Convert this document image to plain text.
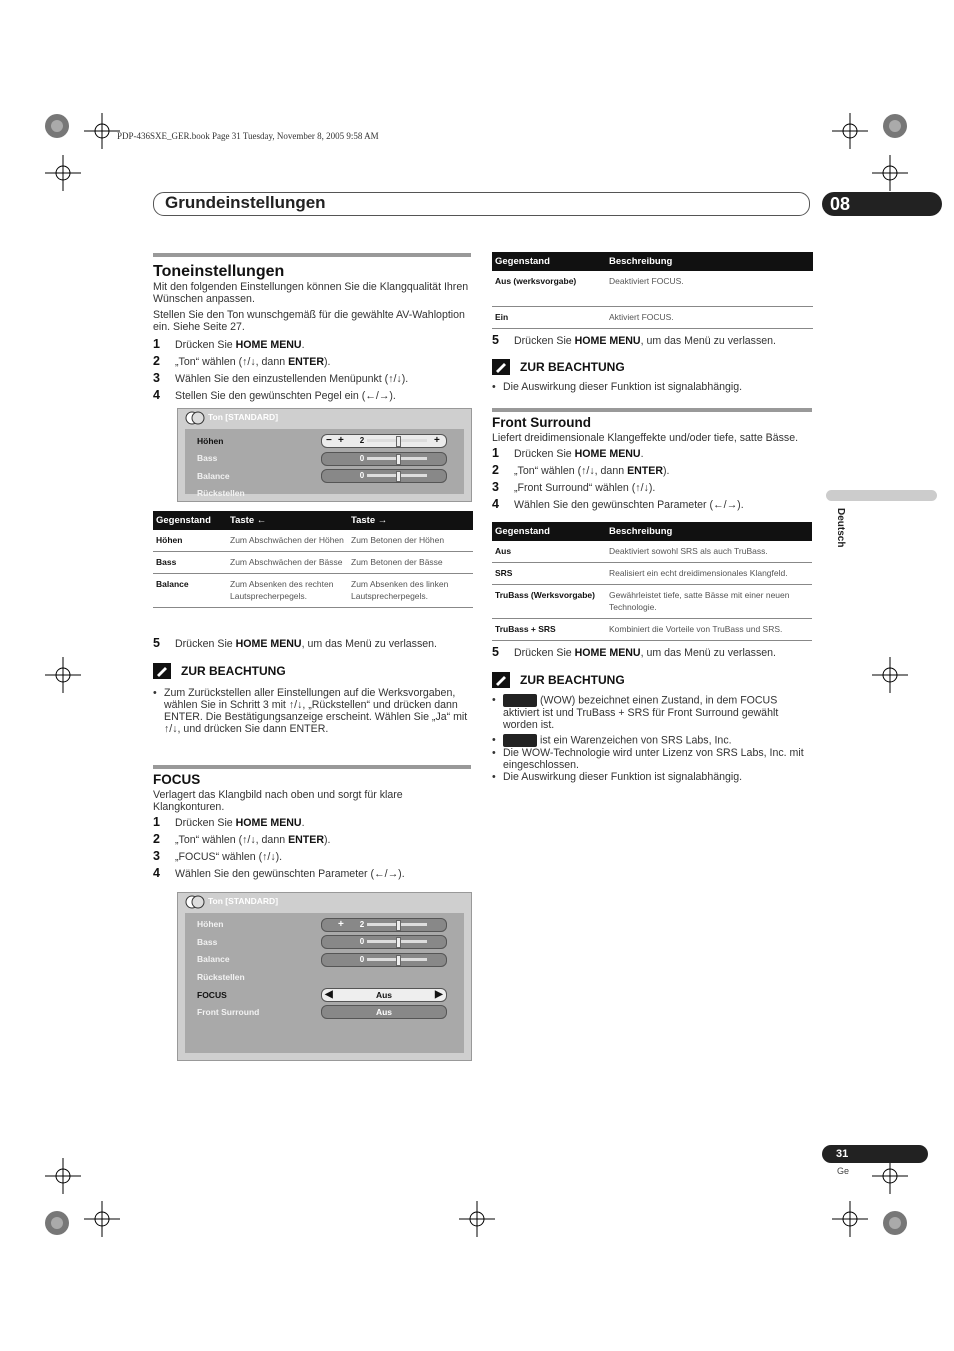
PDP-436SXE_GER.book Page 31 Tuesday, November 8, 2005 9:58 AM
Grundeinstellungen	08
Deutsch
31
Ge
Toneinstellungen

Mit den folgenden Einstellungen können Sie die Klangqualität Ihren Wünschen anpassen.

Stellen Sie den Ton wunschgemäß für die gewählte AV-Wahloption ein. Siehe Seite 27.

1 Drücken Sie HOME MENU.
2 „Ton“ wählen (↑/↓, dann ENTER).
3 Wählen Sie den einzustellenden Menüpunkt (↑/↓).
4 Stellen Sie den gewünschten Pegel ein (←/→).
Ton [STANDARD]
Höhen	− +	2	+
Bass	0
Balance	0
Rückstellen
Gegenstand	Taste ←	Taste →
Höhen	Zum Abschwächen der Höhen	Zum Betonen der Höhen
Bass	Zum Abschwächen der Bässe	Zum Betonen der Bässe
Balance	Zum Absenken des rechten Lautsprecherpegels.	Zum Absenken des linken Lautsprecherpegels.
5 Drücken Sie HOME MENU, um das Menü zu verlassen.
ZUR BEACHTUNG
• Zum Zurückstellen aller Einstellungen auf die Werksvorgaben, wählen Sie in Schritt 3 mit ↑/↓, „Rückstellen“ und drücken dann ENTER. Die Bestätigungsanzeige erscheint. Wählen Sie „Ja“ mit ↑/↓, und drücken Sie dann ENTER.
FOCUS

Verlagert das Klangbild nach oben und sorgt für klare Klangkonturen.

1 Drücken Sie HOME MENU.
2 „Ton“ wählen (↑/↓, dann ENTER).
3 „FOCUS“ wählen (↑/↓).
4 Wählen Sie den gewünschten Parameter (←/→).
Ton [STANDARD]
Höhen	+	2
Bass	0
Balance	0
Rückstellen
FOCUS	◀	Aus	▶
Front Surround	Aus
Gegenstand	Beschreibung
Aus (werksvorgabe)	Deaktiviert FOCUS.
Ein	Aktiviert FOCUS.
5 Drücken Sie HOME MENU, um das Menü zu verlassen.
ZUR BEACHTUNG
• Die Auswirkung dieser Funktion ist signalabhängig.
Front Surround

Liefert dreidimensionale Klangeffekte und/oder tiefe, satte Bässe.

1 Drücken Sie HOME MENU.
2 „Ton“ wählen (↑/↓, dann ENTER).
3 „Front Surround“ wählen (↑/↓).
4 Wählen Sie den gewünschten Parameter (←/→).
Gegenstand	Beschreibung
Aus	Deaktiviert sowohl SRS als auch TruBass.
SRS	Realisiert ein echt dreidimensionales Klangfeld.
TruBass (Werksvorgabe)	Gewährleistet tiefe, satte Bässe mit einer neuen Technologie.
TruBass + SRS	Kombiniert die Vorteile von TruBass und SRS.
5 Drücken Sie HOME MENU, um das Menü zu verlassen.
ZUR BEACHTUNG
• (WOW) bezeichnet einen Zustand, in dem FOCUS aktiviert ist und TruBass + SRS für Front Surround gewählt worden ist.
• ist ein Warenzeichen von SRS Labs, Inc.
• Die WOW-Technologie wird unter Lizenz von SRS Labs, Inc. mit eingeschlossen.
• Die Auswirkung dieser Funktion ist signalabhängig.
